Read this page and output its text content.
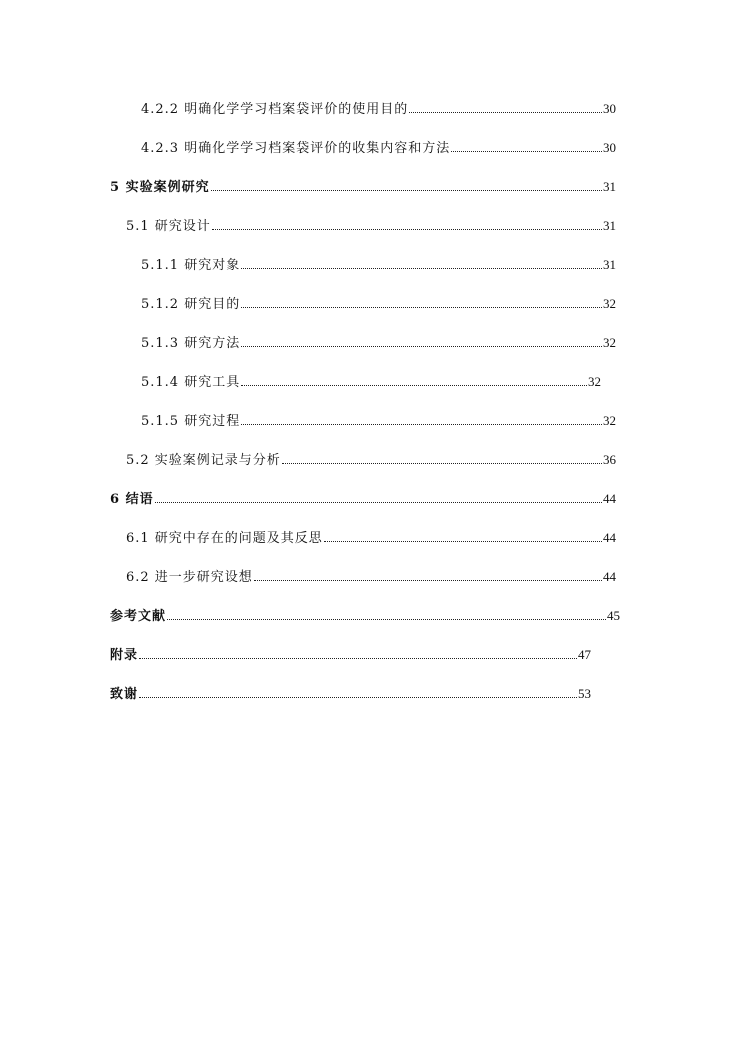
4.2.2 明确化学学习档案袋评价的使用目的	30
4.2.3 明确化学学习档案袋评价的收集内容和方法	30
5 实验案例研究	31
5.1 研究设计	31
5.1.1 研究对象	31
5.1.2 研究目的	32
5.1.3 研究方法	32
5.1.4 研究工具	32
5.1.5 研究过程	32
5.2 实验案例记录与分析	36
6 结语	44
6.1 研究中存在的问题及其反思	44
6.2 进一步研究设想	44
参考文献	45
附录	47
致谢	53
